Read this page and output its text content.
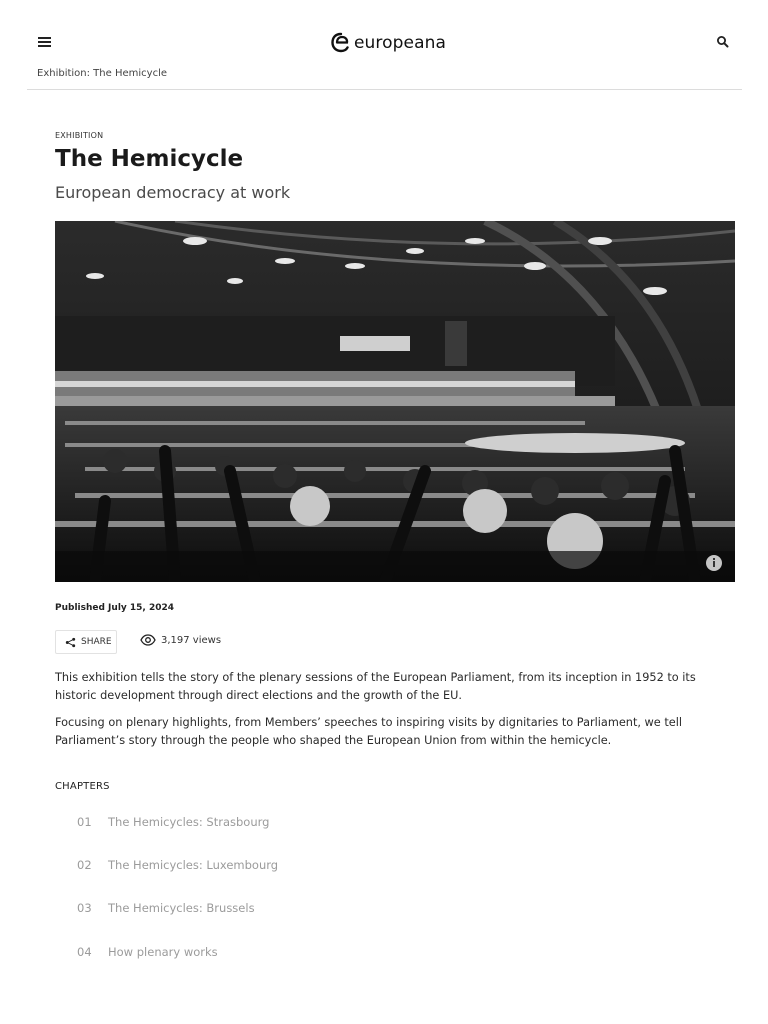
europeana
Exhibition: The Hemicycle
EXHIBITION
The Hemicycle
European democracy at work
Published July 15, 2024
SHARE	3,197 views

This exhibition tells the story of the plenary sessions of the European Parliament, from its inception in 1952 to its historic development through direct elections and the growth of the EU.

Focusing on plenary highlights, from Members’ speeches to inspiring visits by dignitaries to Parliament, we tell Parliament’s story through the people who shaped the European Union from within the hemicycle.

CHAPTERS
01	The Hemicycles: Strasbourg
02	The Hemicycles: Luxembourg
03	The Hemicycles: Brussels
04	How plenary works
